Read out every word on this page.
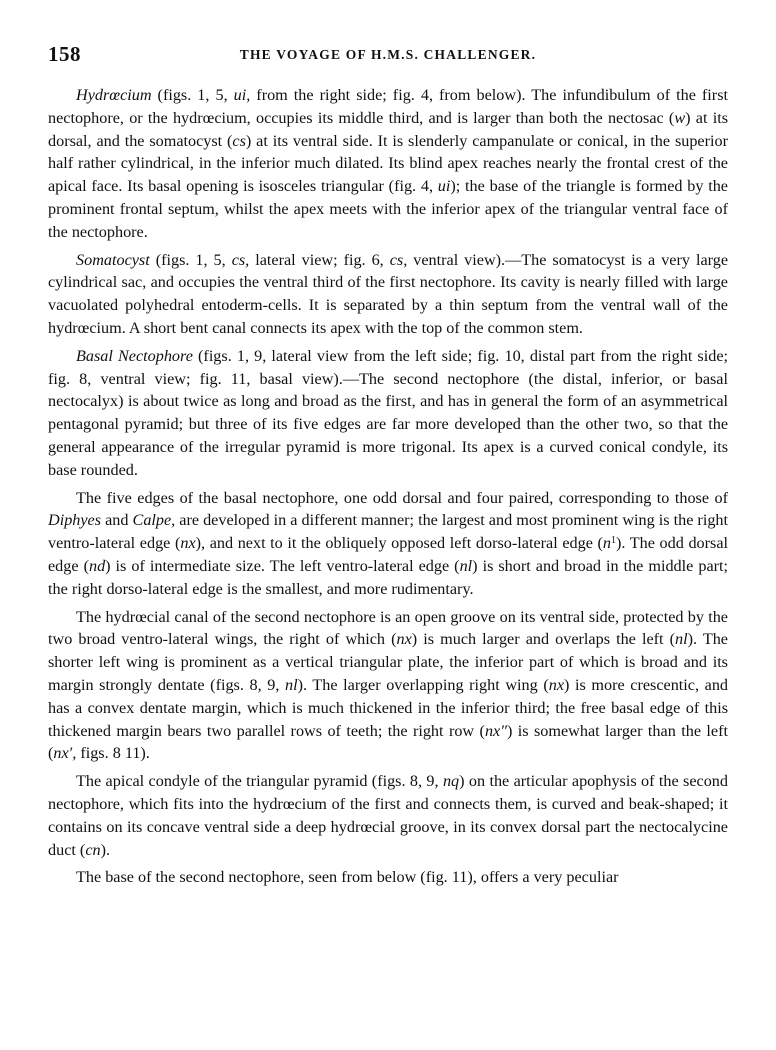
158	THE VOYAGE OF H.M.S. CHALLENGER.

Hydrœcium (figs. 1, 5, ui, from the right side; fig. 4, from below). The infundibulum of the first nectophore, or the hydrœcium, occupies its middle third, and is larger than both the nectosac (w) at its dorsal, and the somatocyst (cs) at its ventral side. It is slenderly campanulate or conical, in the superior half rather cylindrical, in the inferior much dilated. Its blind apex reaches nearly the frontal crest of the apical face. Its basal opening is isosceles triangular (fig. 4, ui); the base of the triangle is formed by the prominent frontal septum, whilst the apex meets with the inferior apex of the triangular ventral face of the nectophore.

Somatocyst (figs. 1, 5, cs, lateral view; fig. 6, cs, ventral view).—The somatocyst is a very large cylindrical sac, and occupies the ventral third of the first nectophore. Its cavity is nearly filled with large vacuolated polyhedral entoderm-cells. It is separated by a thin septum from the ventral wall of the hydrœcium. A short bent canal connects its apex with the top of the common stem.

Basal Nectophore (figs. 1, 9, lateral view from the left side; fig. 10, distal part from the right side; fig. 8, ventral view; fig. 11, basal view).—The second nectophore (the distal, inferior, or basal nectocalyx) is about twice as long and broad as the first, and has in general the form of an asymmetrical pentagonal pyramid; but three of its five edges are far more developed than the other two, so that the general appearance of the irregular pyramid is more trigonal. Its apex is a curved conical condyle, its base rounded.

The five edges of the basal nectophore, one odd dorsal and four paired, corresponding to those of Diphyes and Calpe, are developed in a different manner; the largest and most prominent wing is the right ventro-lateral edge (nx), and next to it the obliquely opposed left dorso-lateral edge $(n^1)$. The odd dorsal edge (nd) is of intermediate size. The left ventro-lateral edge (nl) is short and broad in the middle part; the right dorso-lateral edge is the smallest, and more rudimentary.

The hydrœcial canal of the second nectophore is an open groove on its ventral side, protected by the two broad ventro-lateral wings, the right of which (nx) is much larger and overlaps the left (nl). The shorter left wing is prominent as a vertical triangular plate, the inferior part of which is broad and its margin strongly dentate (figs. 8, 9, nl). The larger overlapping right wing (nx) is more crescentic, and has a convex dentate margin, which is much thickened in the inferior third; the free basal edge of this thickened margin bears two parallel rows of teeth; the right row (nx″) is somewhat larger than the left (nx′, figs. 8 11).

The apical condyle of the triangular pyramid (figs. 8, 9, nq) on the articular apophysis of the second nectophore, which fits into the hydrœcium of the first and connects them, is curved and beak-shaped; it contains on its concave ventral side a deep hydrœcial groove, in its convex dorsal part the nectocalycine duct (cn).

The base of the second nectophore, seen from below (fig. 11), offers a very peculiar
